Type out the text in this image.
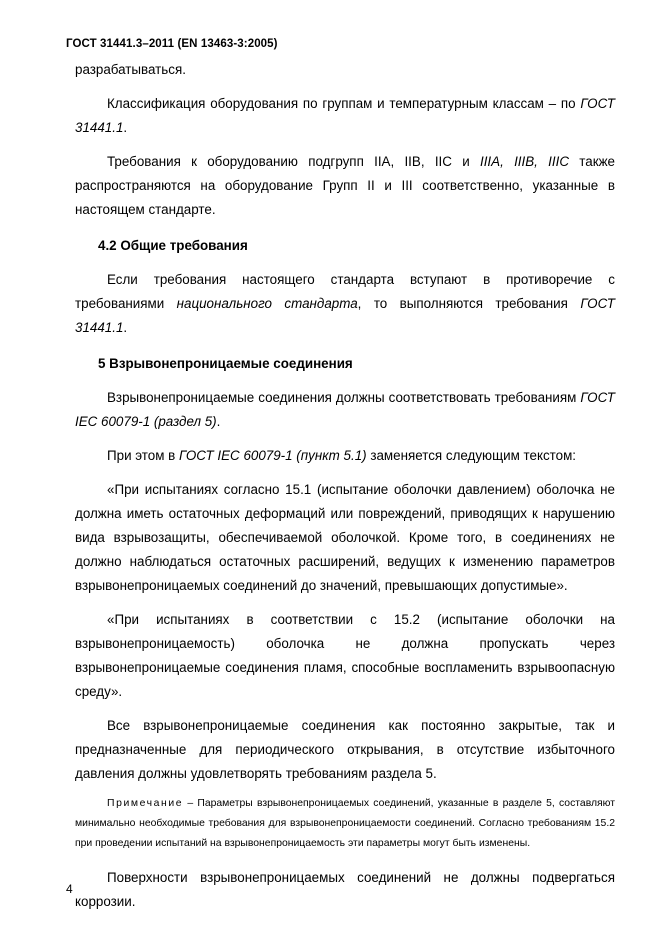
ГОСТ 31441.3–2011 (EN 13463-3:2005)

разрабатываться.

Классификация оборудования по группам и температурным классам – по ГОСТ 31441.1.

Требования к оборудованию подгрупп IIA, IIB, IIC и IIIA, IIIB, IIIC также распространяются на оборудование Групп II и III соответственно, указанные в настоящем стандарте.

4.2 Общие требования

Если требования настоящего стандарта вступают в противоречие с требованиями национального стандарта, то выполняются требования ГОСТ 31441.1.

5 Взрывонепроницаемые соединения

Взрывонепроницаемые соединения должны соответствовать требованиям ГОСТ IEC 60079-1 (раздел 5).

При этом в ГОСТ IEC 60079-1 (пункт 5.1) заменяется следующим текстом:

«При испытаниях согласно 15.1 (испытание оболочки давлением) оболочка не должна иметь остаточных деформаций или повреждений, приводящих к нарушению вида взрывозащиты, обеспечиваемой оболочкой. Кроме того, в соединениях не должно наблюдаться остаточных расширений, ведущих к изменению параметров взрывонепроницаемых соединений до значений, превышающих допустимые».

«При испытаниях в соответствии с 15.2 (испытание оболочки на взрывонепроницаемость) оболочка не должна пропускать через взрывонепроницаемые соединения пламя, способные воспламенить взрывоопасную среду».

Все взрывонепроницаемые соединения как постоянно закрытые, так и предназначенные для периодического открывания, в отсутствие избыточного давления должны удовлетворять требованиям раздела 5.

Примечание – Параметры взрывонепроницаемых соединений, указанные в разделе 5, составляют минимально необходимые требования для взрывонепроницаемости соединений. Согласно требованиям 15.2 при проведении испытаний на взрывонепроницаемость эти параметры могут быть изменены.

Поверхности взрывонепроницаемых соединений не должны подвергаться коррозии.

4
